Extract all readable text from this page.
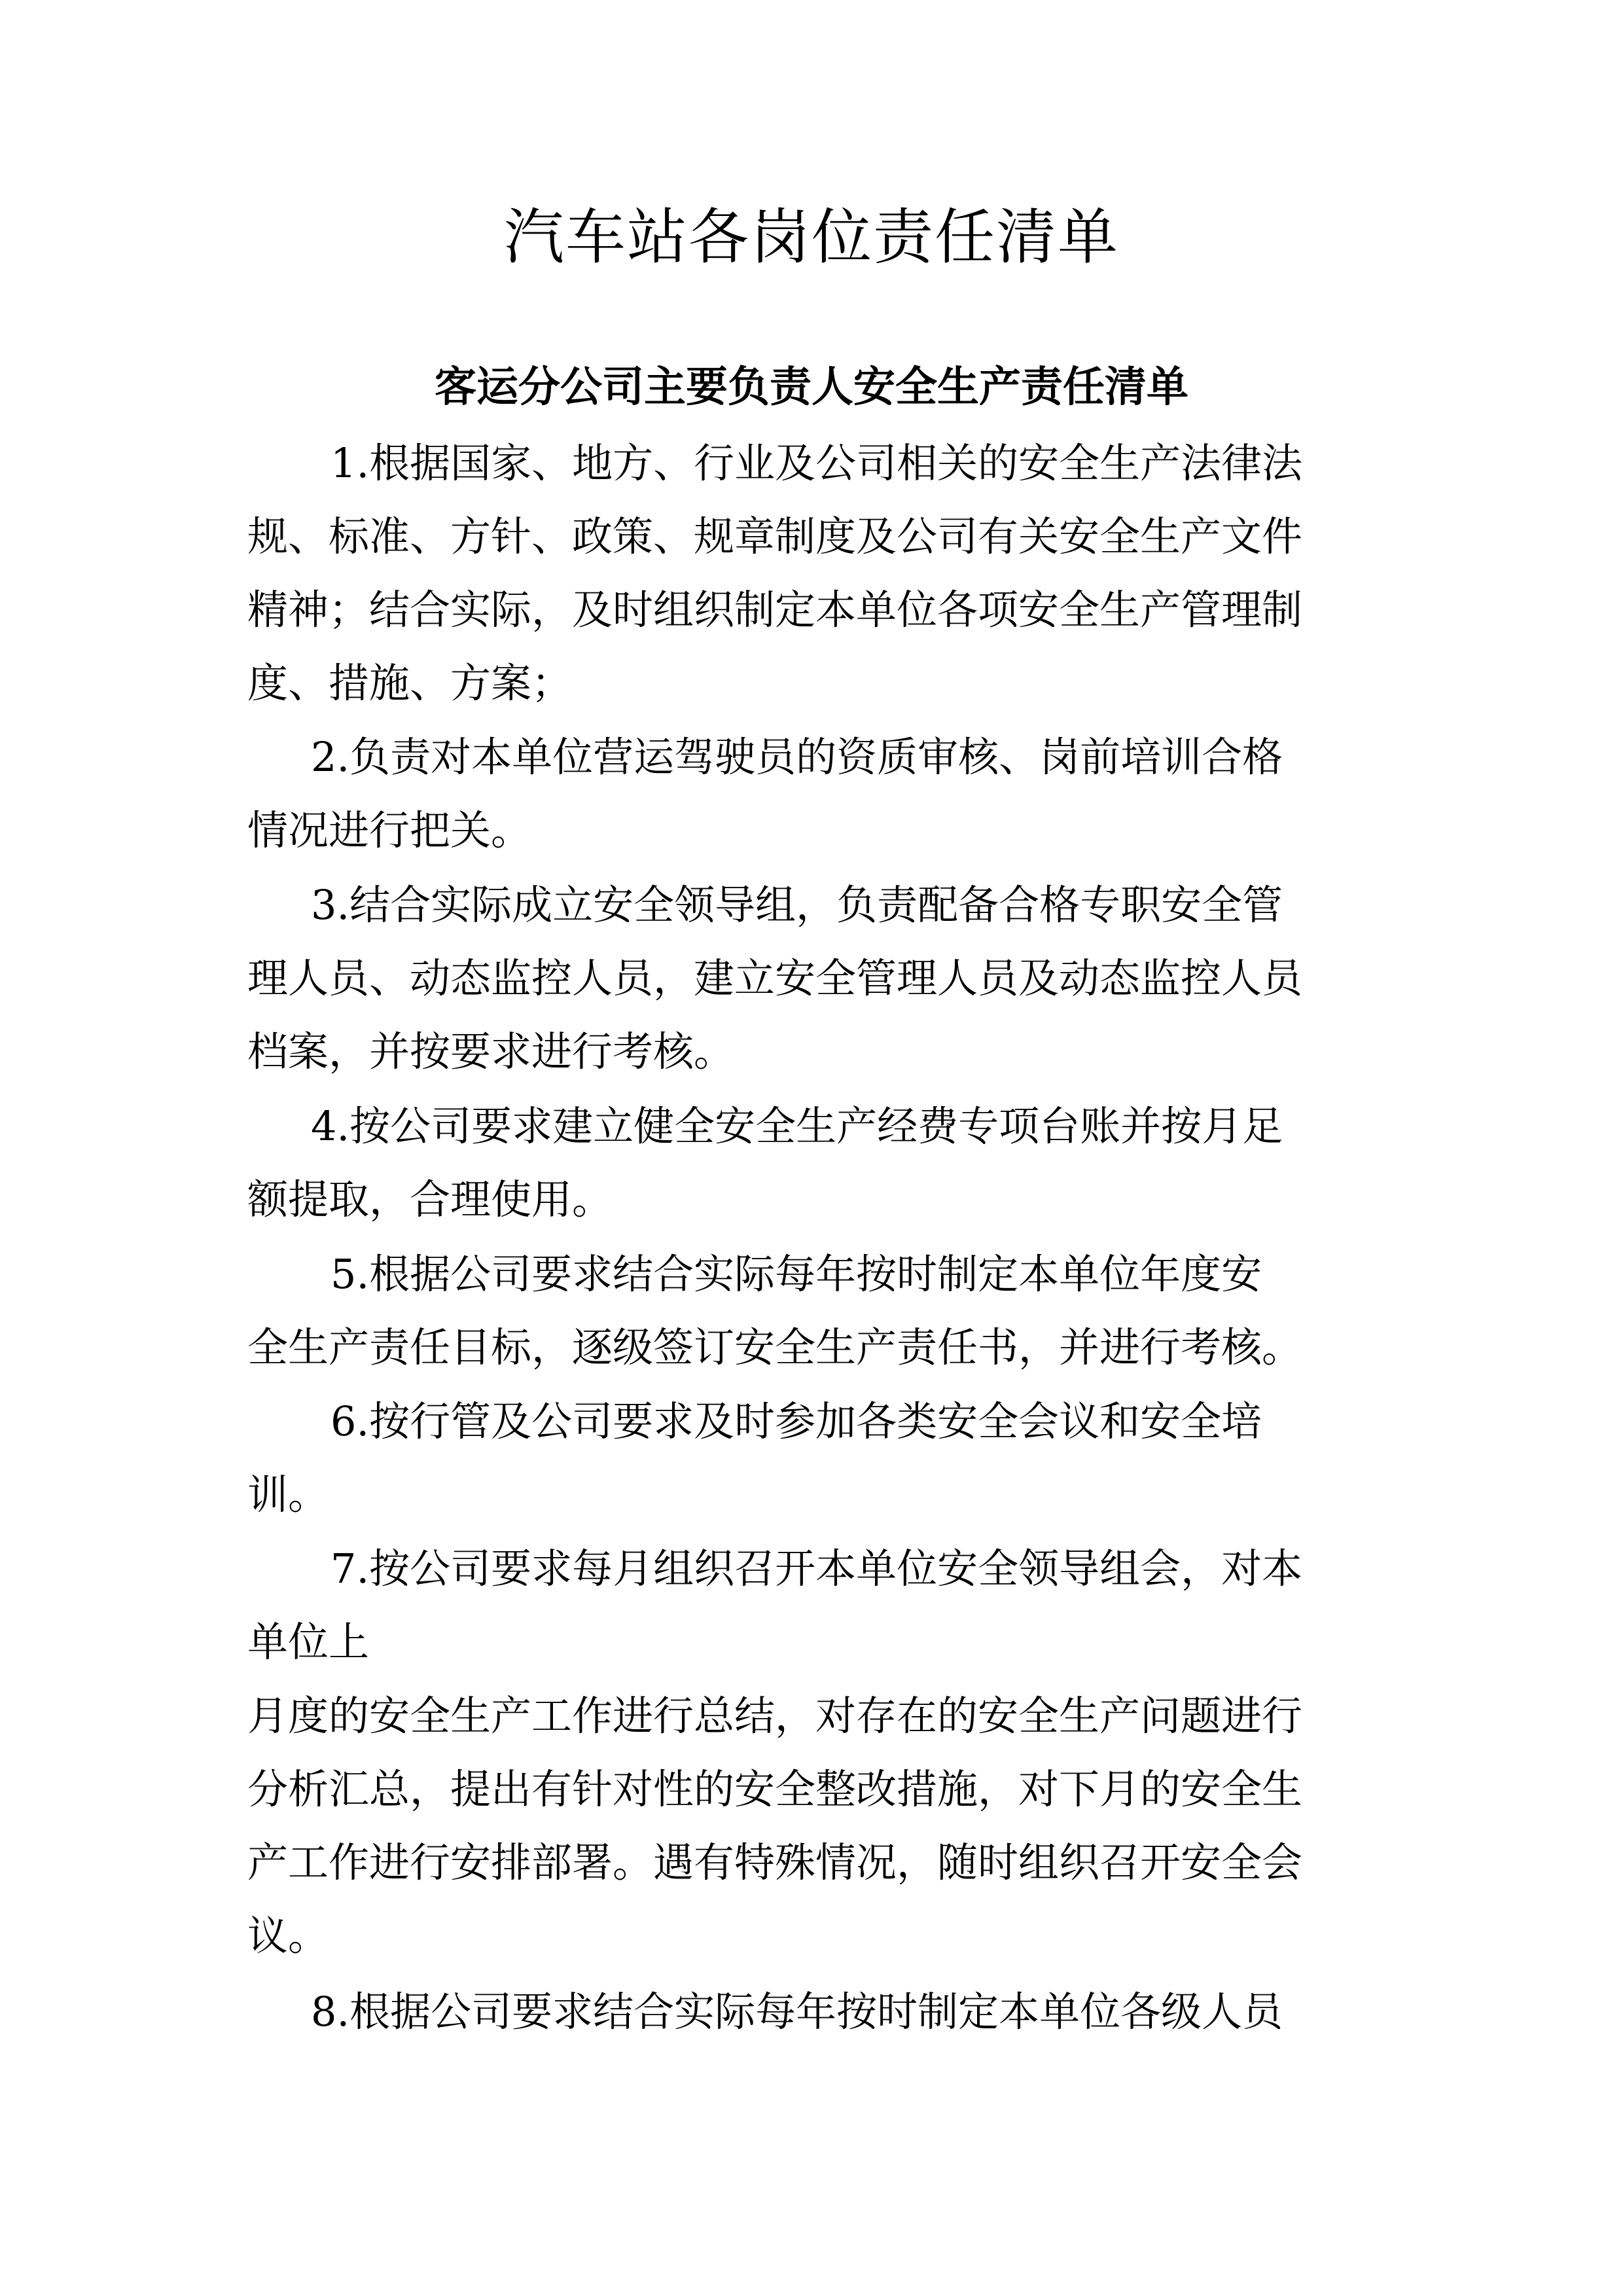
汽车站各岗位责任清单
客运分公司主要负责人安全生产责任清单

1.根据国家、地方、行业及公司相关的安全生产法律法

规、标准、方针、政策、规章制度及公司有关安全生产文件

精神；结合实际，及时组织制定本单位各项安全生产管理制

度、措施、方案；

2.负责对本单位营运驾驶员的资质审核、岗前培训合格

情况进行把关。

3.结合实际成立安全领导组，负责配备合格专职安全管

理人员、动态监控人员，建立安全管理人员及动态监控人员

档案，并按要求进行考核。

4.按公司要求建立健全安全生产经费专项台账并按月足

额提取，合理使用。

5.根据公司要求结合实际每年按时制定本单位年度安

全生产责任目标，逐级签订安全生产责任书，并进行考核。

6.按行管及公司要求及时参加各类安全会议和安全培

训。

7.按公司要求每月组织召开本单位安全领导组会，对本

单位上

月度的安全生产工作进行总结，对存在的安全生产问题进行

分析汇总，提出有针对性的安全整改措施，对下月的安全生

产工作进行安排部署。遇有特殊情况，随时组织召开安全会

议。

8.根据公司要求结合实际每年按时制定本单位各级人员
